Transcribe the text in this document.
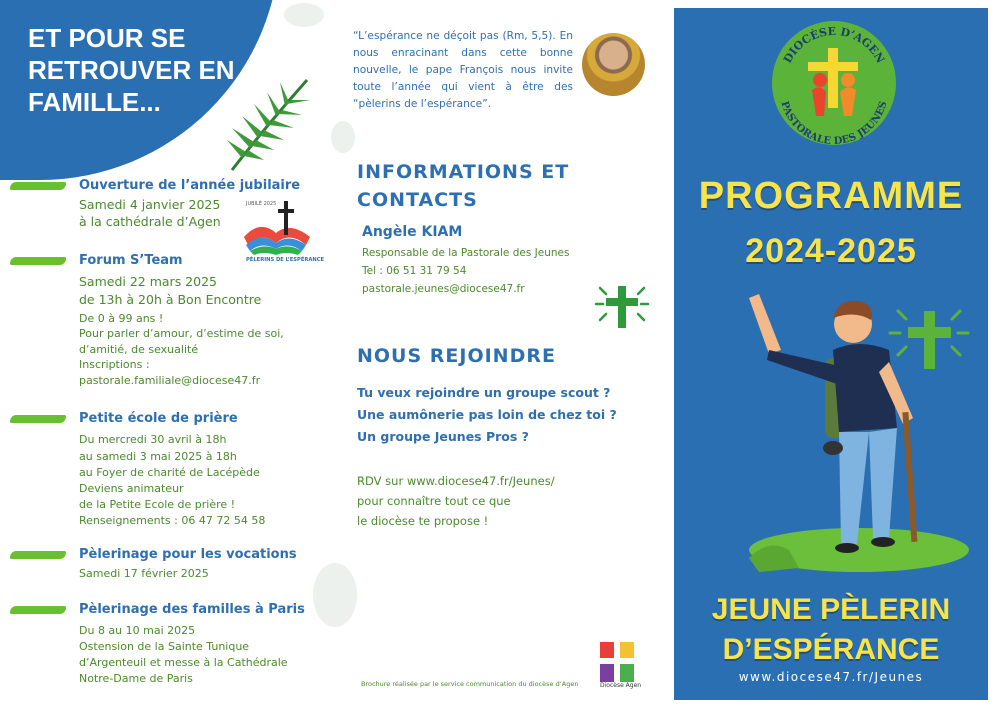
ET POUR SE
RETROUVER EN
FAMILLE...
Ouverture de l’année jubilaire
Samedi 4 janvier 2025
à la cathédrale d’Agen
JUBILÉ 2025
PÈLERINS DE L’ESPÉRANCE
Forum S’Team
Samedi 22 mars 2025
de 13h à 20h à Bon Encontre
De 0 à 99 ans !
Pour parler d’amour, d’estime de soi,
d’amitié, de sexualité
Inscriptions :
pastorale.familiale@diocese47.fr
Petite école de prière
Du mercredi 30 avril à 18h
au samedi 3 mai 2025 à 18h
au Foyer de charité de Lacépède
Deviens animateur
de la Petite Ecole de prière !
Renseignements : 06 47 72 54 58
Pèlerinage pour les vocations
Samedi 17 février 2025
Pèlerinage des familles à Paris
Du 8 au 10 mai 2025
Ostension de la Sainte Tunique
d’Argenteuil et messe à la Cathédrale
Notre-Dame de Paris
“L’espérance ne déçoit pas (Rm, 5,5). En nous enracinant dans cette bonne nouvelle, le pape François nous invite toute l’année qui vient à être des “pèlerins de l’espérance”.
INFORMATIONS ET CONTACTS
Angèle KIAM
Responsable de la Pastorale des Jeunes
Tel : 06 51 31 79 54
pastorale.jeunes@diocese47.fr
NOUS REJOINDRE
Tu veux rejoindre un groupe scout ?
Une aumônerie pas loin de chez toi ?
Un groupe Jeunes Pros ?
RDV sur www.diocese47.fr/Jeunes/
pour connaître tout ce que
le diocèse te propose !
Brochure réalisée par le service communication du diocèse d’Agen	Diocèse Agen
DIOCÈSE D’AGEN
PASTORALE DES JEUNES
PROGRAMME
2024-2025
JEUNE PÈLERIN
D’ESPÉRANCE
www.diocese47.fr/Jeunes
